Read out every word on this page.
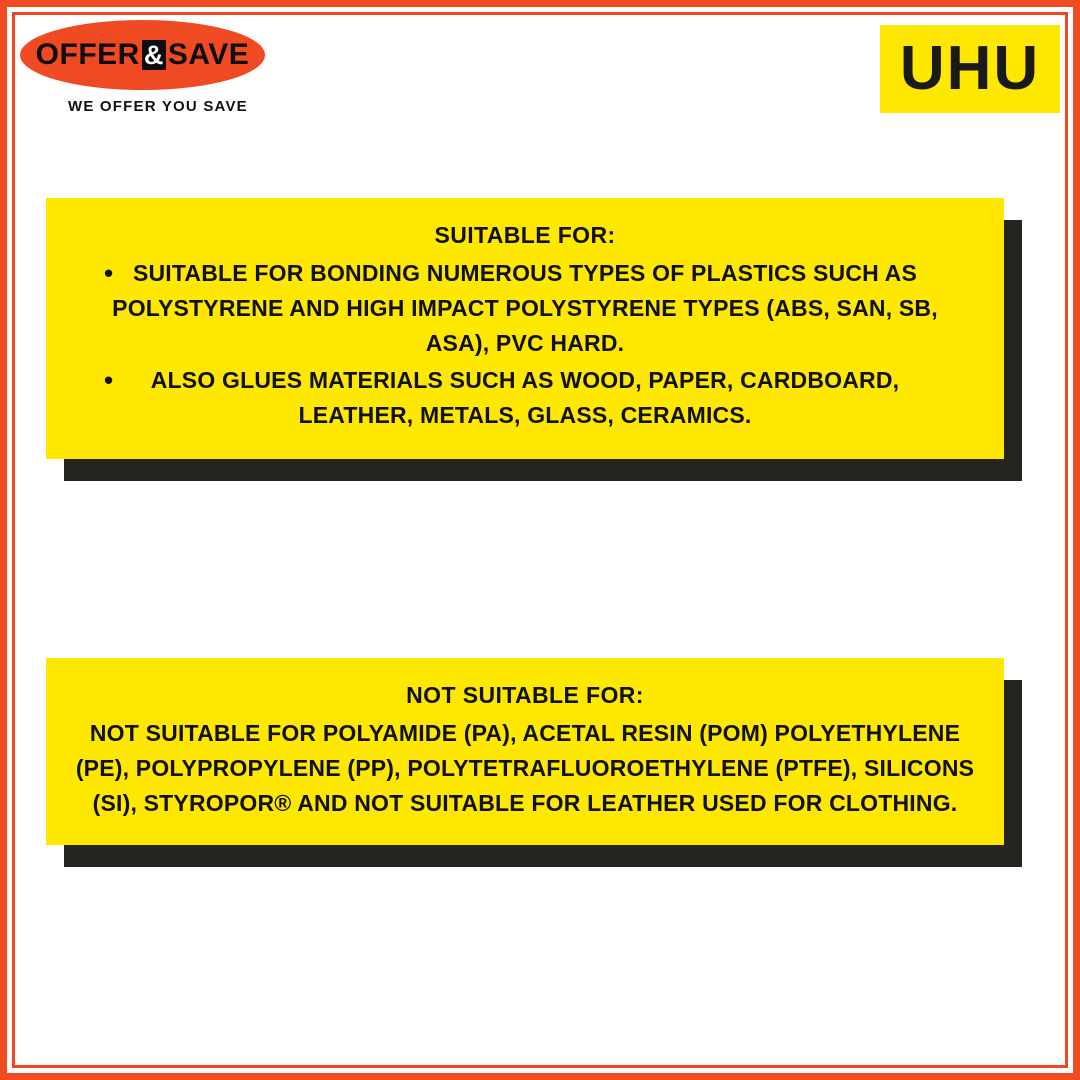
OFFER & SAVE
WE OFFER YOU SAVE
UHU
SUITABLE FOR:
• SUITABLE FOR BONDING NUMEROUS TYPES OF PLASTICS SUCH AS POLYSTYRENE AND HIGH IMPACT POLYSTYRENE TYPES (ABS, SAN, SB, ASA), PVC HARD.
• ALSO GLUES MATERIALS SUCH AS WOOD, PAPER, CARDBOARD, LEATHER, METALS, GLASS, CERAMICS.
NOT SUITABLE FOR:

NOT SUITABLE FOR POLYAMIDE (PA), ACETAL RESIN (POM) POLYETHYLENE (PE), POLYPROPYLENE (PP), POLYTETRAFLUOROETHYLENE (PTFE), SILICONS (SI), STYROPOR® AND NOT SUITABLE FOR LEATHER USED FOR CLOTHING.
